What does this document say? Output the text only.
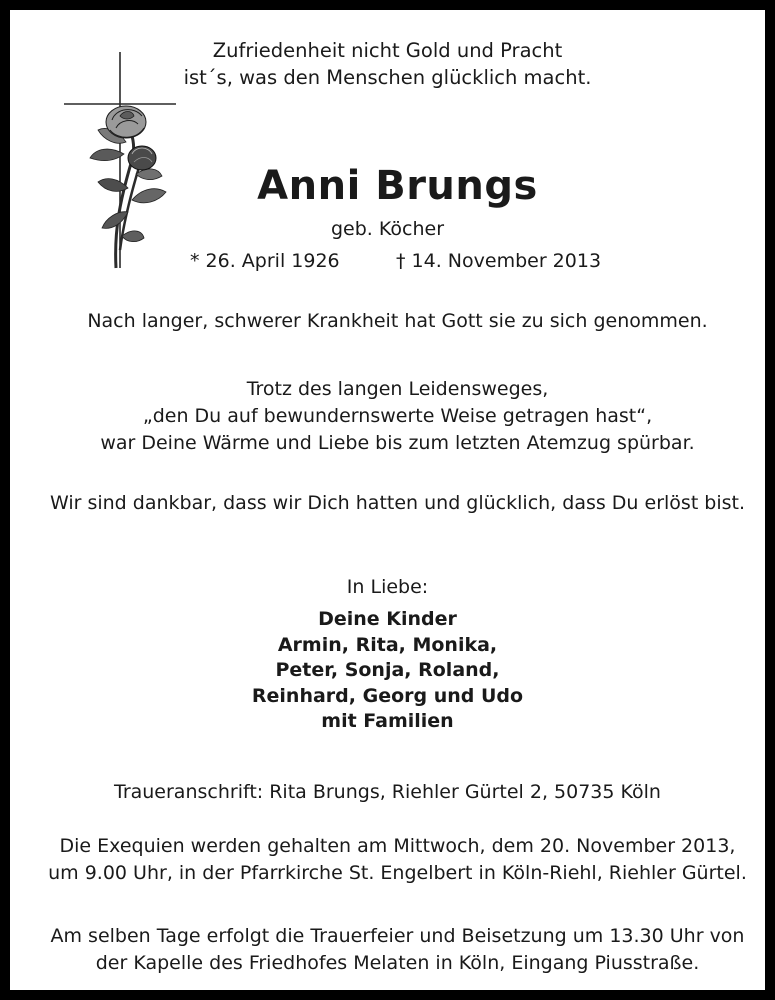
Zufriedenheit nicht Gold und Pracht
ist´s, was den Menschen glücklich macht.
Anni Brungs
geb. Köcher
* 26. April 1926	† 14. November 2013
Nach langer, schwerer Krankheit hat Gott sie zu sich genommen.
Trotz des langen Leidensweges,
„den Du auf bewundernswerte Weise getragen hast“,
war Deine Wärme und Liebe bis zum letzten Atemzug spürbar.
Wir sind dankbar, dass wir Dich hatten und glücklich, dass Du erlöst bist.
In Liebe:
Deine Kinder
Armin, Rita, Monika,
Peter, Sonja, Roland,
Reinhard, Georg und Udo
mit Familien
Traueranschrift: Rita Brungs, Riehler Gürtel 2, 50735 Köln
Die Exequien werden gehalten am Mittwoch, dem 20. November 2013,
um 9.00 Uhr, in der Pfarrkirche St. Engelbert in Köln-Riehl, Riehler Gürtel.
Am selben Tage erfolgt die Trauerfeier und Beisetzung um 13.30 Uhr von
der Kapelle des Friedhofes Melaten in Köln, Eingang Piusstraße.
